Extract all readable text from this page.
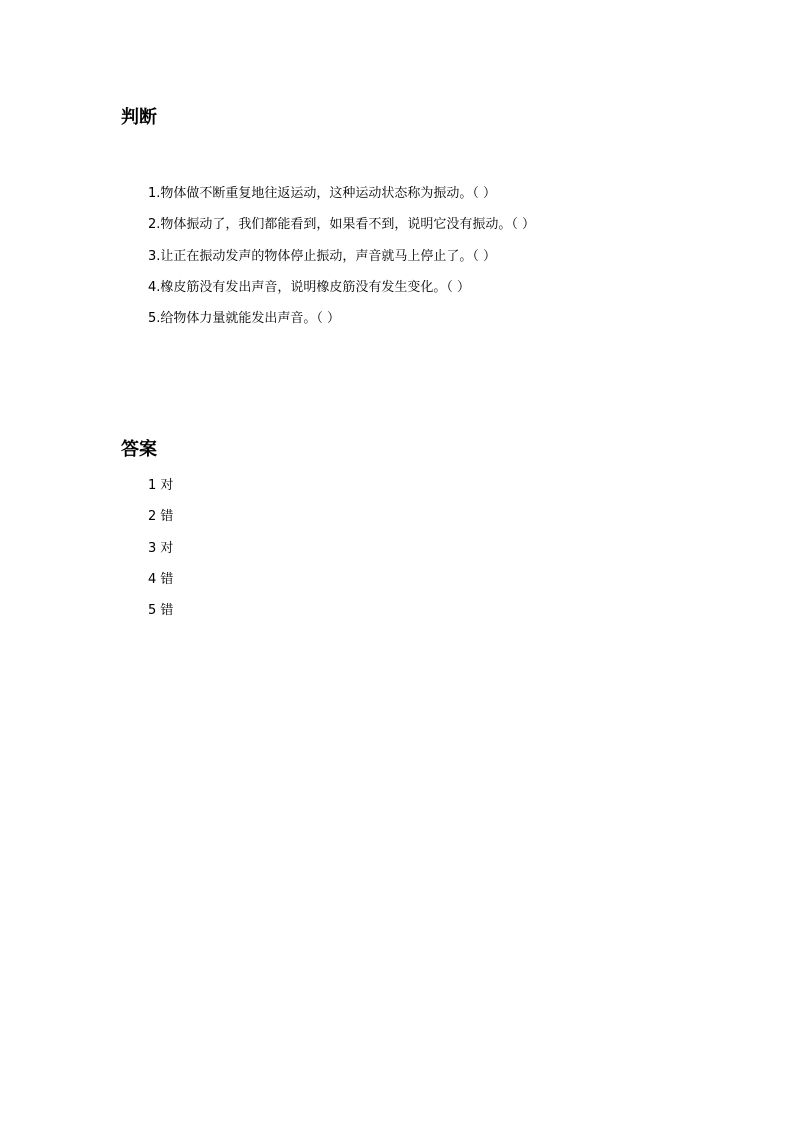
判断
1.物体做不断重复地往返运动，这种运动状态称为振动。（ ）
2.物体振动了，我们都能看到，如果看不到，说明它没有振动。（ ）
3.让正在振动发声的物体停止振动，声音就马上停止了。（ ）
4.橡皮筋没有发出声音，说明橡皮筋没有发生变化。（ ）
5.给物体力量就能发出声音。（ ）
答案
1 对
2 错
3 对
4 错
5 错
